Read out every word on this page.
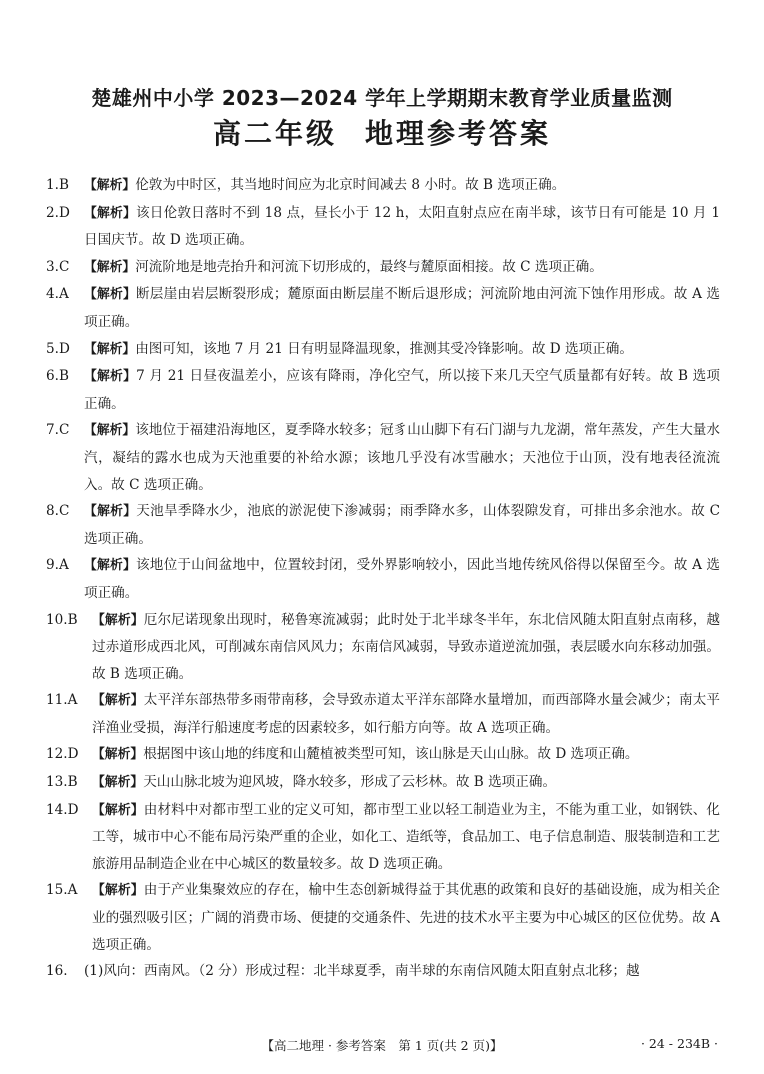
楚雄州中小学 2023—2024 学年上学期期末教育学业质量监测
高二年级 地理参考答案
1.B	【解析】伦敦为中时区，其当地时间应为北京时间减去 8 小时。故 B 选项正确。
2.D	【解析】该日伦敦日落时不到 18 点，昼长小于 12 h，太阳直射点应在南半球，该节日有可能是 10 月 1 日国庆节。故 D 选项正确。
3.C	【解析】河流阶地是地壳抬升和河流下切形成的，最终与麓原面相接。故 C 选项正确。
4.A	【解析】断层崖由岩层断裂形成；麓原面由断层崖不断后退形成；河流阶地由河流下蚀作用形成。故 A 选项正确。
5.D	【解析】由图可知，该地 7 月 21 日有明显降温现象，推测其受冷锋影响。故 D 选项正确。
6.B	【解析】7 月 21 日昼夜温差小，应该有降雨，净化空气，所以接下来几天空气质量都有好转。故 B 选项正确。
7.C	【解析】该地位于福建沿海地区，夏季降水较多；冠豸山山脚下有石门湖与九龙湖，常年蒸发，产生大量水汽，凝结的露水也成为天池重要的补给水源；该地几乎没有冰雪融水；天池位于山顶，没有地表径流流入。故 C 选项正确。
8.C	【解析】天池旱季降水少，池底的淤泥使下渗减弱；雨季降水多，山体裂隙发育，可排出多余池水。故 C 选项正确。
9.A	【解析】该地位于山间盆地中，位置较封闭，受外界影响较小，因此当地传统风俗得以保留至今。故 A 选项正确。
10.B	【解析】厄尔尼诺现象出现时，秘鲁寒流减弱；此时处于北半球冬半年，东北信风随太阳直射点南移，越过赤道形成西北风，可削减东南信风风力；东南信风减弱，导致赤道逆流加强，表层暖水向东移动加强。故 B 选项正确。
11.A	【解析】太平洋东部热带多雨带南移，会导致赤道太平洋东部降水量增加，而西部降水量会减少；南太平洋渔业受损，海洋行船速度考虑的因素较多，如行船方向等。故 A 选项正确。
12.D	【解析】根据图中该山地的纬度和山麓植被类型可知，该山脉是天山山脉。故 D 选项正确。
13.B	【解析】天山山脉北坡为迎风坡，降水较多，形成了云杉林。故 B 选项正确。
14.D	【解析】由材料中对都市型工业的定义可知，都市型工业以轻工制造业为主，不能为重工业，如钢铁、化工等，城市中心不能布局污染严重的企业，如化工、造纸等，食品加工、电子信息制造、服装制造和工艺旅游用品制造企业在中心城区的数量较多。故 D 选项正确。
15.A	【解析】由于产业集聚效应的存在，榆中生态创新城得益于其优惠的政策和良好的基础设施，成为相关企业的强烈吸引区；广阔的消费市场、便捷的交通条件、先进的技术水平主要为中心城区的区位优势。故 A 选项正确。
16.	(1)风向：西南风。（2 分）形成过程：北半球夏季，南半球的东南信风随太阳直射点北移；越
【高二地理 · 参考答案　第 1 页(共 2 页)】	· 24 - 234B ·
